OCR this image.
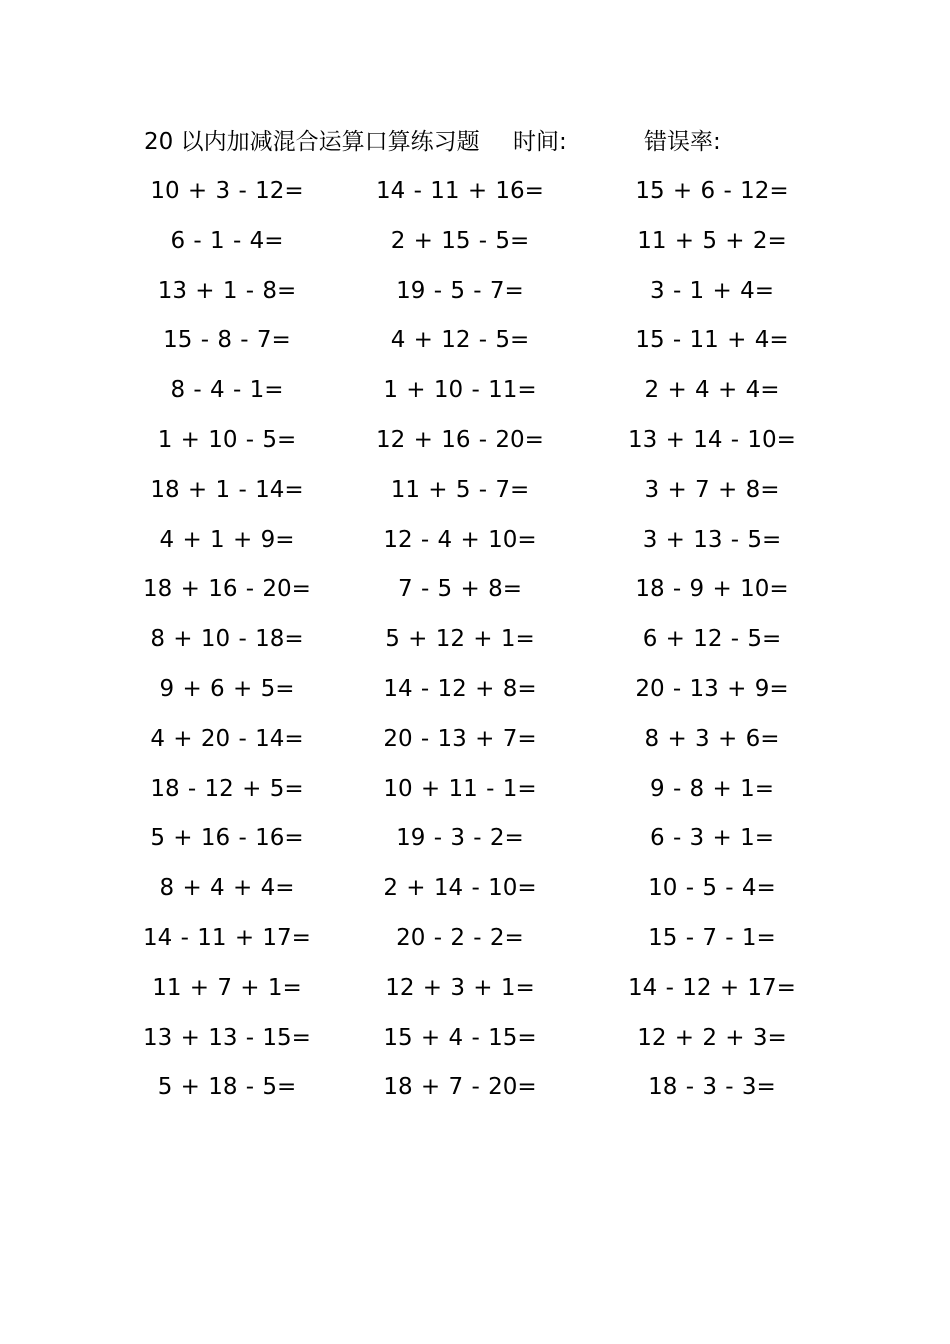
20 以内加减混合运算口算练习题 时间:	错误率:
10 + 3 - 12=	14 - 11 + 16=	15 + 6 - 12=
6 - 1 - 4=	2 + 15 - 5=	11 + 5 + 2=
13 + 1 - 8=	19 - 5 - 7=	3 - 1 + 4=
15 - 8 - 7=	4 + 12 - 5=	15 - 11 + 4=
8 - 4 - 1=	1 + 10 - 11=	2 + 4 + 4=
1 + 10 - 5=	12 + 16 - 20=	13 + 14 - 10=
18 + 1 - 14=	11 + 5 - 7=	3 + 7 + 8=
4 + 1 + 9=	12 - 4 + 10=	3 + 13 - 5=
18 + 16 - 20=	7 - 5 + 8=	18 - 9 + 10=
8 + 10 - 18=	5 + 12 + 1=	6 + 12 - 5=
9 + 6 + 5=	14 - 12 + 8=	20 - 13 + 9=
4 + 20 - 14=	20 - 13 + 7=	8 + 3 + 6=
18 - 12 + 5=	10 + 11 - 1=	9 - 8 + 1=
5 + 16 - 16=	19 - 3 - 2=	6 - 3 + 1=
8 + 4 + 4=	2 + 14 - 10=	10 - 5 - 4=
14 - 11 + 17=	20 - 2 - 2=	15 - 7 - 1=
11 + 7 + 1=	12 + 3 + 1=	14 - 12 + 17=
13 + 13 - 15=	15 + 4 - 15=	12 + 2 + 3=
5 + 18 - 5=	18 + 7 - 20=	18 - 3 - 3=
